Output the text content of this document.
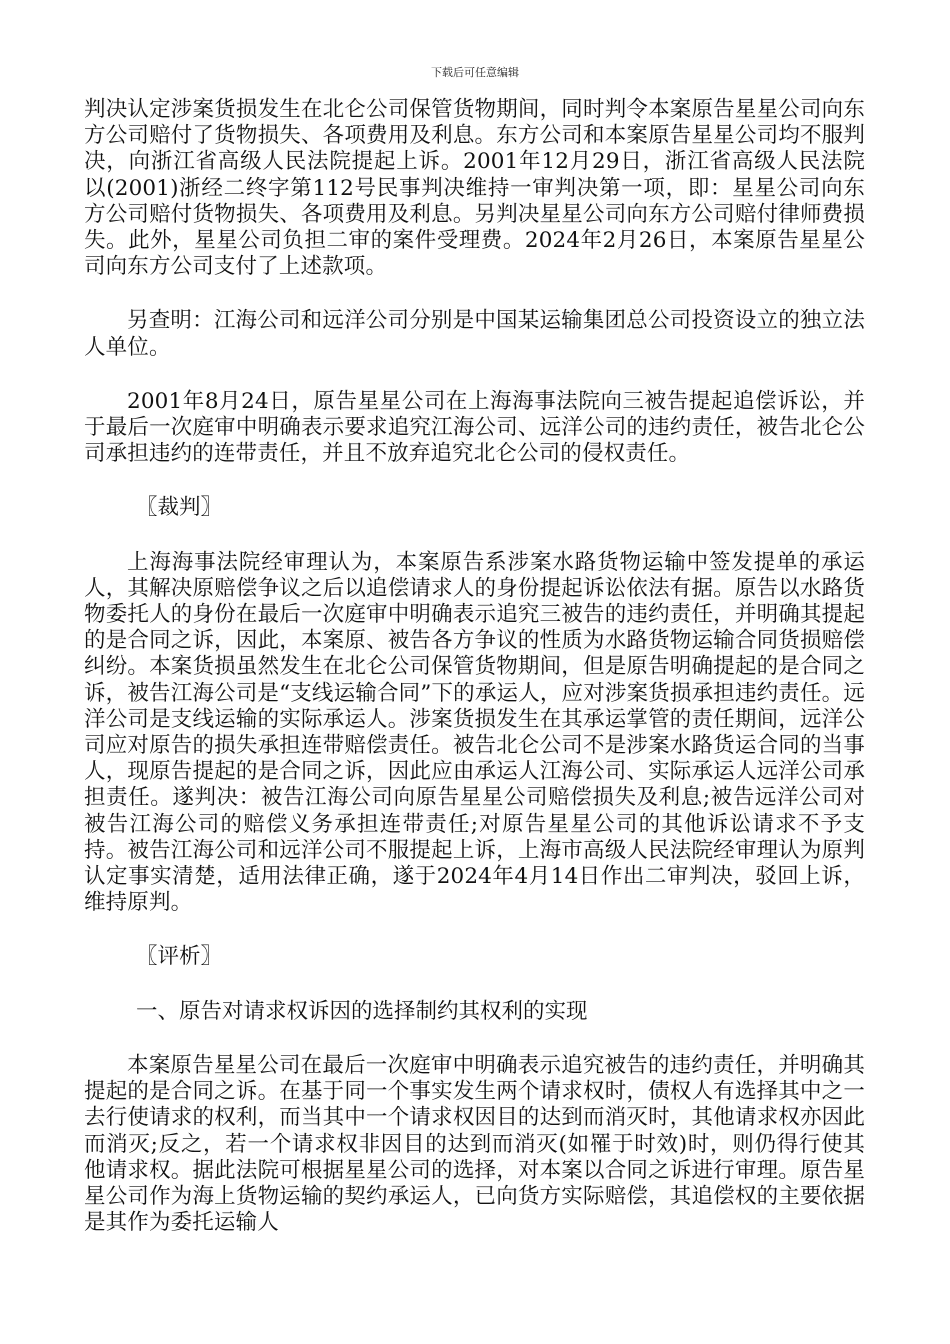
下载后可任意编辑

判决认定涉案货损发生在北仑公司保管货物期间，同时判令本案原告星星公司向东方公司赔付了货物损失、各项费用及利息。东方公司和本案原告星星公司均不服判决，向浙江省高级人民法院提起上诉。2001年12月29日，浙江省高级人民法院以(2001)浙经二终字第112号民事判决维持一审判决第一项，即：星星公司向东方公司赔付货物损失、各项费用及利息。另判决星星公司向东方公司赔付律师费损失。此外，星星公司负担二审的案件受理费。2024年2月26日，本案原告星星公司向东方公司支付了上述款项。

另查明：江海公司和远洋公司分别是中国某运输集团总公司投资设立的独立法人单位。

2001年8月24日，原告星星公司在上海海事法院向三被告提起追偿诉讼，并于最后一次庭审中明确表示要求追究江海公司、远洋公司的违约责任，被告北仑公司承担违约的连带责任，并且不放弃追究北仑公司的侵权责任。

〖裁判〗

上海海事法院经审理认为，本案原告系涉案水路货物运输中签发提单的承运人，其解决原赔偿争议之后以追偿请求人的身份提起诉讼依法有据。原告以水路货物委托人的身份在最后一次庭审中明确表示追究三被告的违约责任，并明确其提起的是合同之诉，因此，本案原、被告各方争议的性质为水路货物运输合同货损赔偿纠纷。本案货损虽然发生在北仑公司保管货物期间，但是原告明确提起的是合同之诉，被告江海公司是“支线运输合同”下的承运人，应对涉案货损承担违约责任。远洋公司是支线运输的实际承运人。涉案货损发生在其承运掌管的责任期间，远洋公司应对原告的损失承担连带赔偿责任。被告北仑公司不是涉案水路货运合同的当事人，现原告提起的是合同之诉，因此应由承运人江海公司、实际承运人远洋公司承担责任。遂判决：被告江海公司向原告星星公司赔偿损失及利息;被告远洋公司对被告江海公司的赔偿义务承担连带责任;对原告星星公司的其他诉讼请求不予支持。被告江海公司和远洋公司不服提起上诉，上海市高级人民法院经审理认为原判认定事实清楚，适用法律正确，遂于2024年4月14日作出二审判决，驳回上诉，维持原判。

〖评析〗

一、原告对请求权诉因的选择制约其权利的实现

本案原告星星公司在最后一次庭审中明确表示追究被告的违约责任，并明确其提起的是合同之诉。在基于同一个事实发生两个请求权时，债权人有选择其中之一去行使请求的权利，而当其中一个请求权因目的达到而消灭时，其他请求权亦因此而消灭;反之，若一个请求权非因目的达到而消灭(如罹于时效)时，则仍得行使其他请求权。据此法院可根据星星公司的选择，对本案以合同之诉进行审理。原告星星公司作为海上货物运输的契约承运人，已向货方实际赔偿，其追偿权的主要依据是其作为委托运输人
